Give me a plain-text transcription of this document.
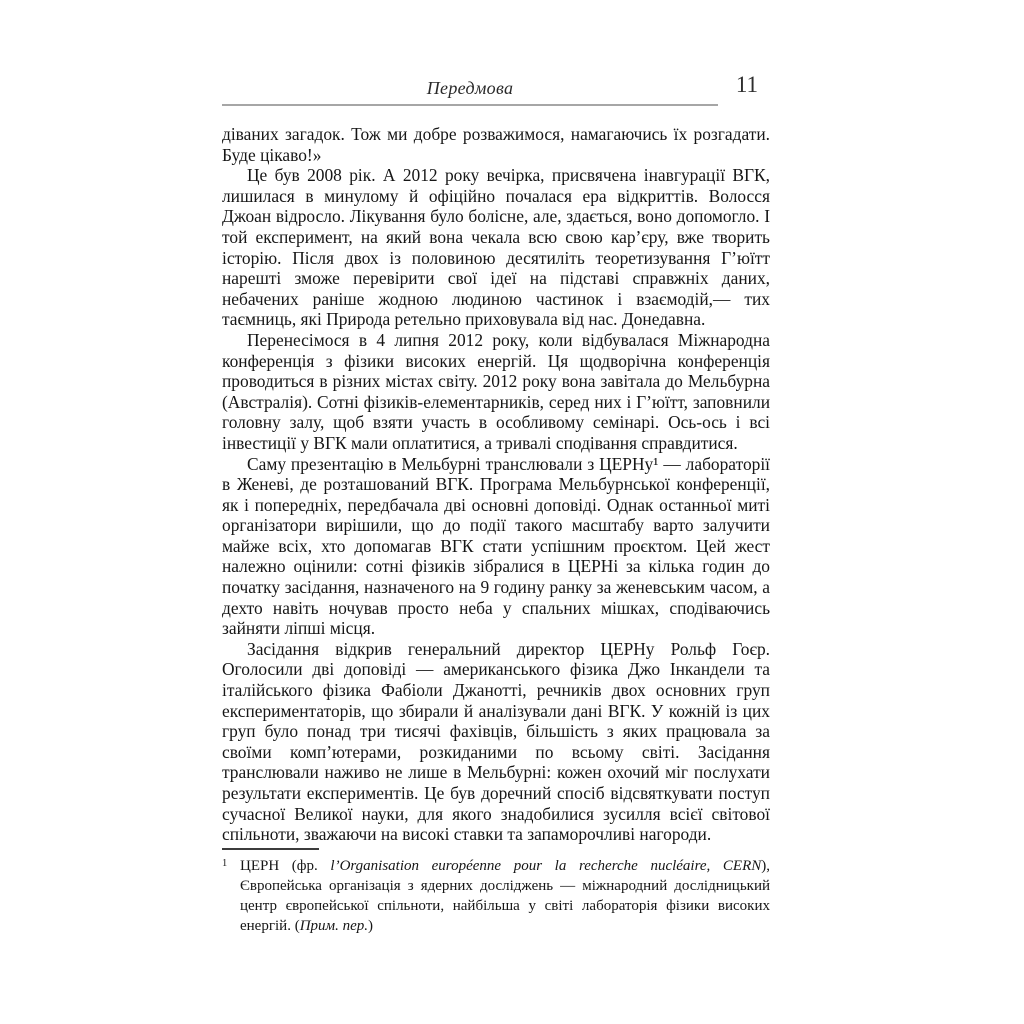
Передмова	11

діваних загадок. Тож ми добре розважимося, намагаючись їх розгадати. Буде цікаво!»

Це був 2008 рік. А 2012 року вечірка, присвячена інавгурації ВГК, лишилася в минулому й офіційно почалася ера відкриттів. Волосся Джоан відросло. Лікування було болісне, але, здається, воно допомогло. І той експеримент, на який вона чекала всю свою кар’єру, вже творить історію. Після двох із половиною десятиліть теоретизування Г’юїтт нарешті зможе перевірити свої ідеї на підставі справжніх даних, небачених раніше жодною людиною частинок і взаємодій,— тих таємниць, які Природа ретельно приховувала від нас. Донедавна.

Перенесімося в 4 липня 2012 року, коли відбувалася Міжнародна конференція з фізики високих енергій. Ця щодворічна конференція проводиться в різних містах світу. 2012 року вона завітала до Мельбурна (Австралія). Сотні фізиків-елементарників, серед них і Г’юїтт, заповнили головну залу, щоб взяти участь в особливому семінарі. Ось-ось і всі інвестиції у ВГК мали оплатитися, а тривалі сподівання справдитися.

Саму презентацію в Мельбурні транслювали з ЦЕРНу¹ — лабораторії в Женеві, де розташований ВГК. Програма Мельбурнської конференції, як і попередніх, передбачала дві основні доповіді. Однак останньої миті організатори вирішили, що до події такого масштабу варто залучити майже всіх, хто допомагав ВГК стати успішним проєктом. Цей жест належно оцінили: сотні фізиків зібралися в ЦЕРНі за кілька годин до початку засідання, назначеного на 9 годину ранку за женевським часом, а дехто навіть ночував просто неба у спальних мішках, сподіваючись зайняти ліпші місця.

Засідання відкрив генеральний директор ЦЕРНу Рольф Гоєр. Оголосили дві доповіді — американського фізика Джо Інкандели та італійського фізика Фабіоли Джанотті, речників двох основних груп експериментаторів, що збирали й аналізували дані ВГК. У кожній із цих груп було понад три тисячі фахівців, більшість з яких працювала за своїми комп’ютерами, розкиданими по всьому світі. Засідання транслювали наживо не лише в Мельбурні: кожен охочий міг послухати результати експериментів. Це був доречний спосіб відсвяткувати поступ сучасної Великої науки, для якого знадобилися зусилля всієї світової спільноти, зважаючи на високі ставки та запаморочливі нагороди.

1 ЦЕРН (фр. l’Organisation européenne pour la recherche nucléaire, CERN), Європейська організація з ядерних досліджень — міжнародний дослідницький центр європейської спільноти, найбільша у світі лабораторія фізики високих енергій. (Прим. пер.)
